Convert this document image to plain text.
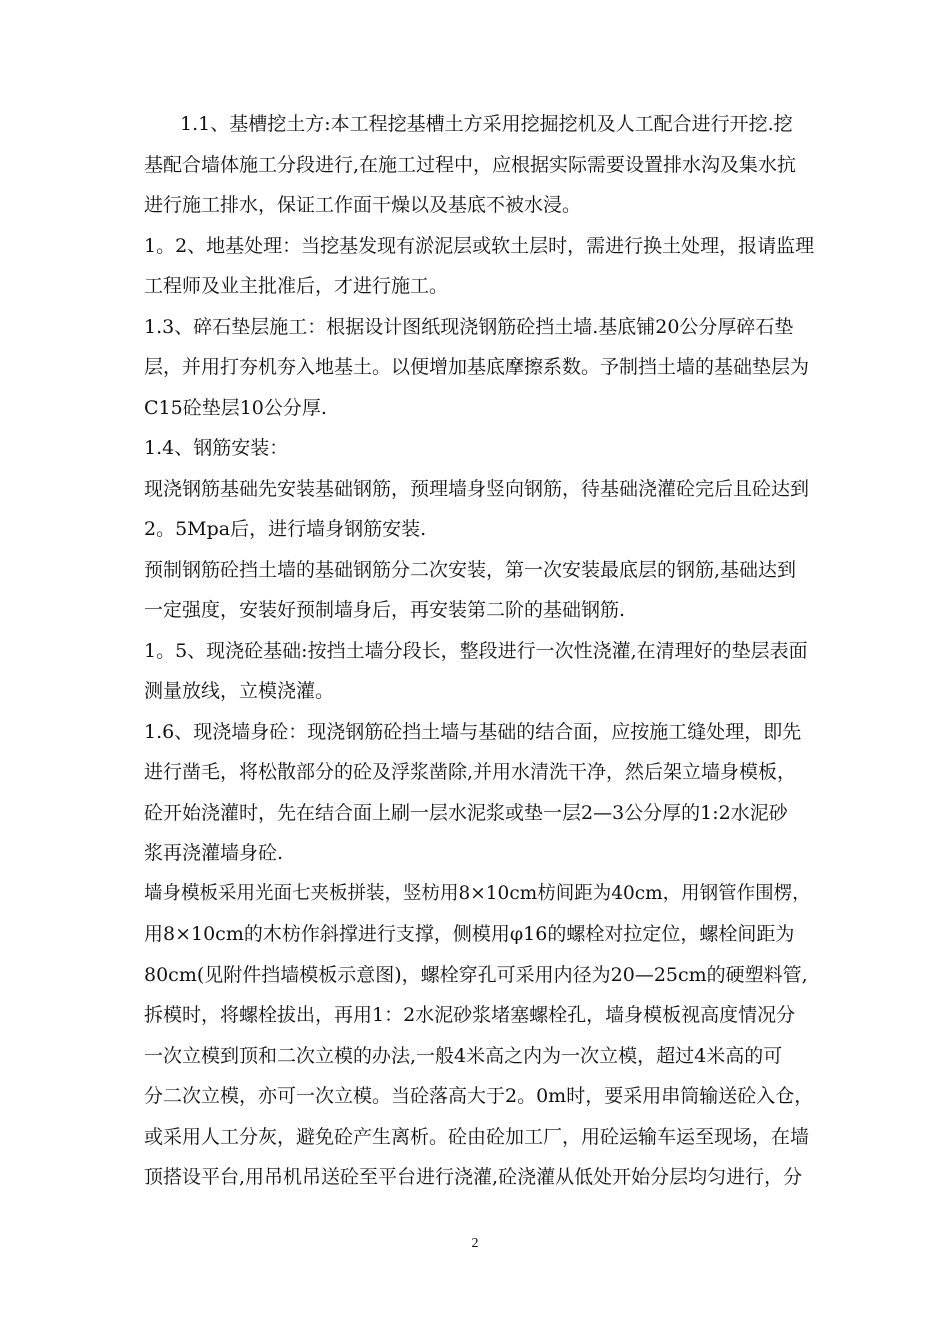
1.1、基槽挖土方:本工程挖基槽土方采用挖掘挖机及人工配合进行开挖.挖
基配合墙体施工分段进行,在施工过程中，应根据实际需要设置排水沟及集水抗
进行施工排水，保证工作面干燥以及基底不被水浸。
1。2、地基处理：当挖基发现有淤泥层或软土层时，需进行换土处理，报请监理
工程师及业主批准后，才进行施工。
1.3、碎石垫层施工：根据设计图纸现浇钢筋砼挡土墙.基底铺20公分厚碎石垫
层，并用打夯机夯入地基土。以便增加基底摩擦系数。予制挡土墙的基础垫层为
C15砼垫层10公分厚.
1.4、钢筋安装：
现浇钢筋基础先安装基础钢筋，预理墙身竖向钢筋，待基础浇灌砼完后且砼达到
2。5Mpa后，进行墙身钢筋安装.
预制钢筋砼挡土墙的基础钢筋分二次安装，第一次安装最底层的钢筋,基础达到
一定强度，安装好预制墙身后，再安装第二阶的基础钢筋.
1。5、现浇砼基础:按挡土墙分段长，整段进行一次性浇灌,在清理好的垫层表面
测量放线，立模浇灌。
1.6、现浇墙身砼：现浇钢筋砼挡土墙与基础的结合面，应按施工缝处理，即先
进行凿毛，将松散部分的砼及浮浆凿除,并用水清洗干净，然后架立墙身模板，
砼开始浇灌时，先在结合面上刷一层水泥浆或垫一层2—3公分厚的1:2水泥砂
浆再浇灌墙身砼.
墙身模板采用光面七夹板拼装，竖枋用8×10cm枋间距为40cm，用钢管作围楞，
用8×10cm的木枋作斜撑进行支撑，侧模用φ16的螺栓对拉定位，螺栓间距为
80cm(见附件挡墙模板示意图)，螺栓穿孔可采用内径为20—25cm的硬塑料管,
拆模时，将螺栓拔出，再用1：2水泥砂浆堵塞螺栓孔，墙身模板视高度情况分
一次立模到顶和二次立模的办法,一般4米高之内为一次立模，超过4米高的可
分二次立模，亦可一次立模。当砼落高大于2。0m时，要采用串筒输送砼入仓，
或采用人工分灰，避免砼产生离析。砼由砼加工厂，用砼运输车运至现场，在墙
顶搭设平台,用吊机吊送砼至平台进行浇灌,砼浇灌从低处开始分层均匀进行，分
2
